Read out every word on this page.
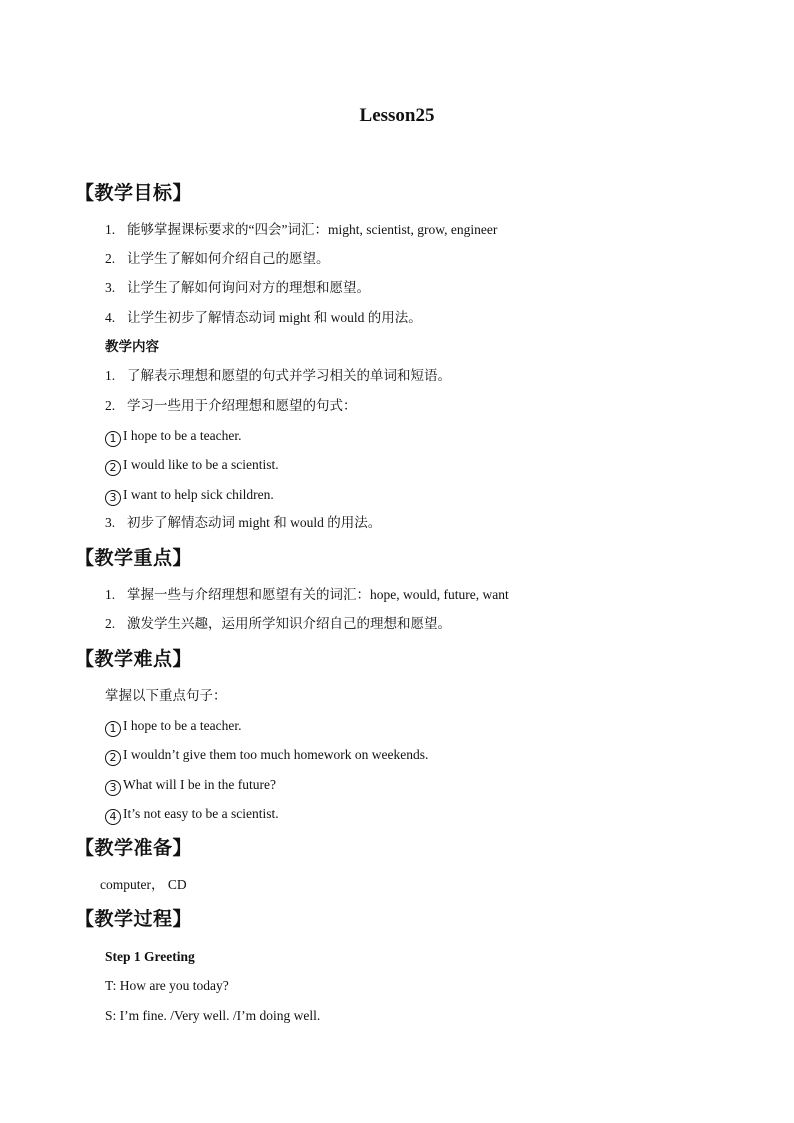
Lesson25
【教学目标】
1. 能够掌握课标要求的“四会”词汇：might, scientist, grow, engineer
2. 让学生了解如何介绍自己的愿望。
3. 让学生了解如何询问对方的理想和愿望。
4. 让学生初步了解情态动词 might 和 would 的用法。
教学内容
1. 了解表示理想和愿望的句式并学习相关的单词和短语。
2. 学习一些用于介绍理想和愿望的句式：
1 I hope to be a teacher.
2 I would like to be a scientist.
3 I want to help sick children.
3. 初步了解情态动词 might 和 would 的用法。
【教学重点】
1. 掌握一些与介绍理想和愿望有关的词汇：hope, would, future, want
2. 激发学生兴趣，运用所学知识介绍自己的理想和愿望。
【教学难点】
掌握以下重点句子：
1 I hope to be a teacher.
2 I wouldn’t give them too much homework on weekends.
3 What will I be in the future?
4 It’s not easy to be a scientist.
【教学准备】
computer， CD
【教学过程】
Step 1 Greeting
T: How are you today?
S: I’m fine. /Very well. /I’m doing well.
